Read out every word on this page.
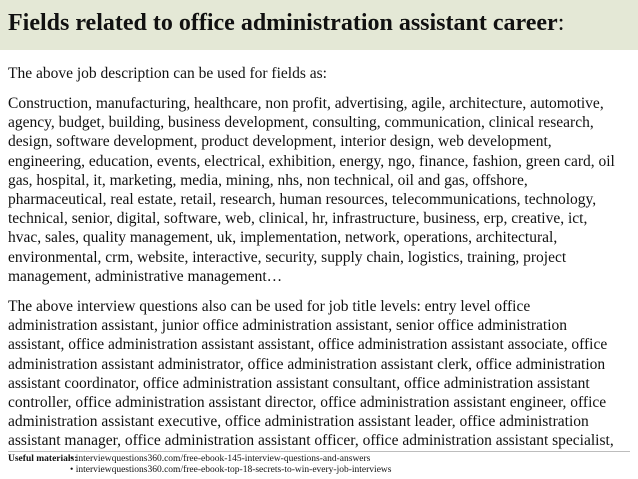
Fields related to office administration assistant career:
The above job description can be used for fields as:
Construction, manufacturing, healthcare, non profit, advertising, agile, architecture, automotive,
agency, budget, building, business development, consulting, communication, clinical research,
design, software development, product development, interior design, web development,
engineering, education, events, electrical, exhibition, energy, ngo, finance, fashion, green card, oil
gas, hospital, it, marketing, media, mining, nhs, non technical, oil and gas, offshore,
pharmaceutical, real estate, retail, research, human resources, telecommunications, technology,
technical, senior, digital, software, web, clinical, hr, infrastructure, business, erp, creative, ict,
hvac, sales, quality management, uk, implementation, network, operations, architectural,
environmental, crm, website, interactive, security, supply chain, logistics, training, project
management, administrative management…
The above interview questions also can be used for job title levels: entry level office
administration assistant, junior office administration assistant, senior office administration
assistant, office administration assistant assistant, office administration assistant associate, office
administration assistant administrator, office administration assistant clerk, office administration
assistant coordinator, office administration assistant consultant, office administration assistant
controller, office administration assistant director, office administration assistant engineer, office
administration assistant executive, office administration assistant leader, office administration
assistant manager, office administration assistant officer, office administration assistant specialist,
Useful materials:
• interviewquestions360.com/free-ebook-145-interview-questions-and-answers
• interviewquestions360.com/free-ebook-top-18-secrets-to-win-every-job-interviews
